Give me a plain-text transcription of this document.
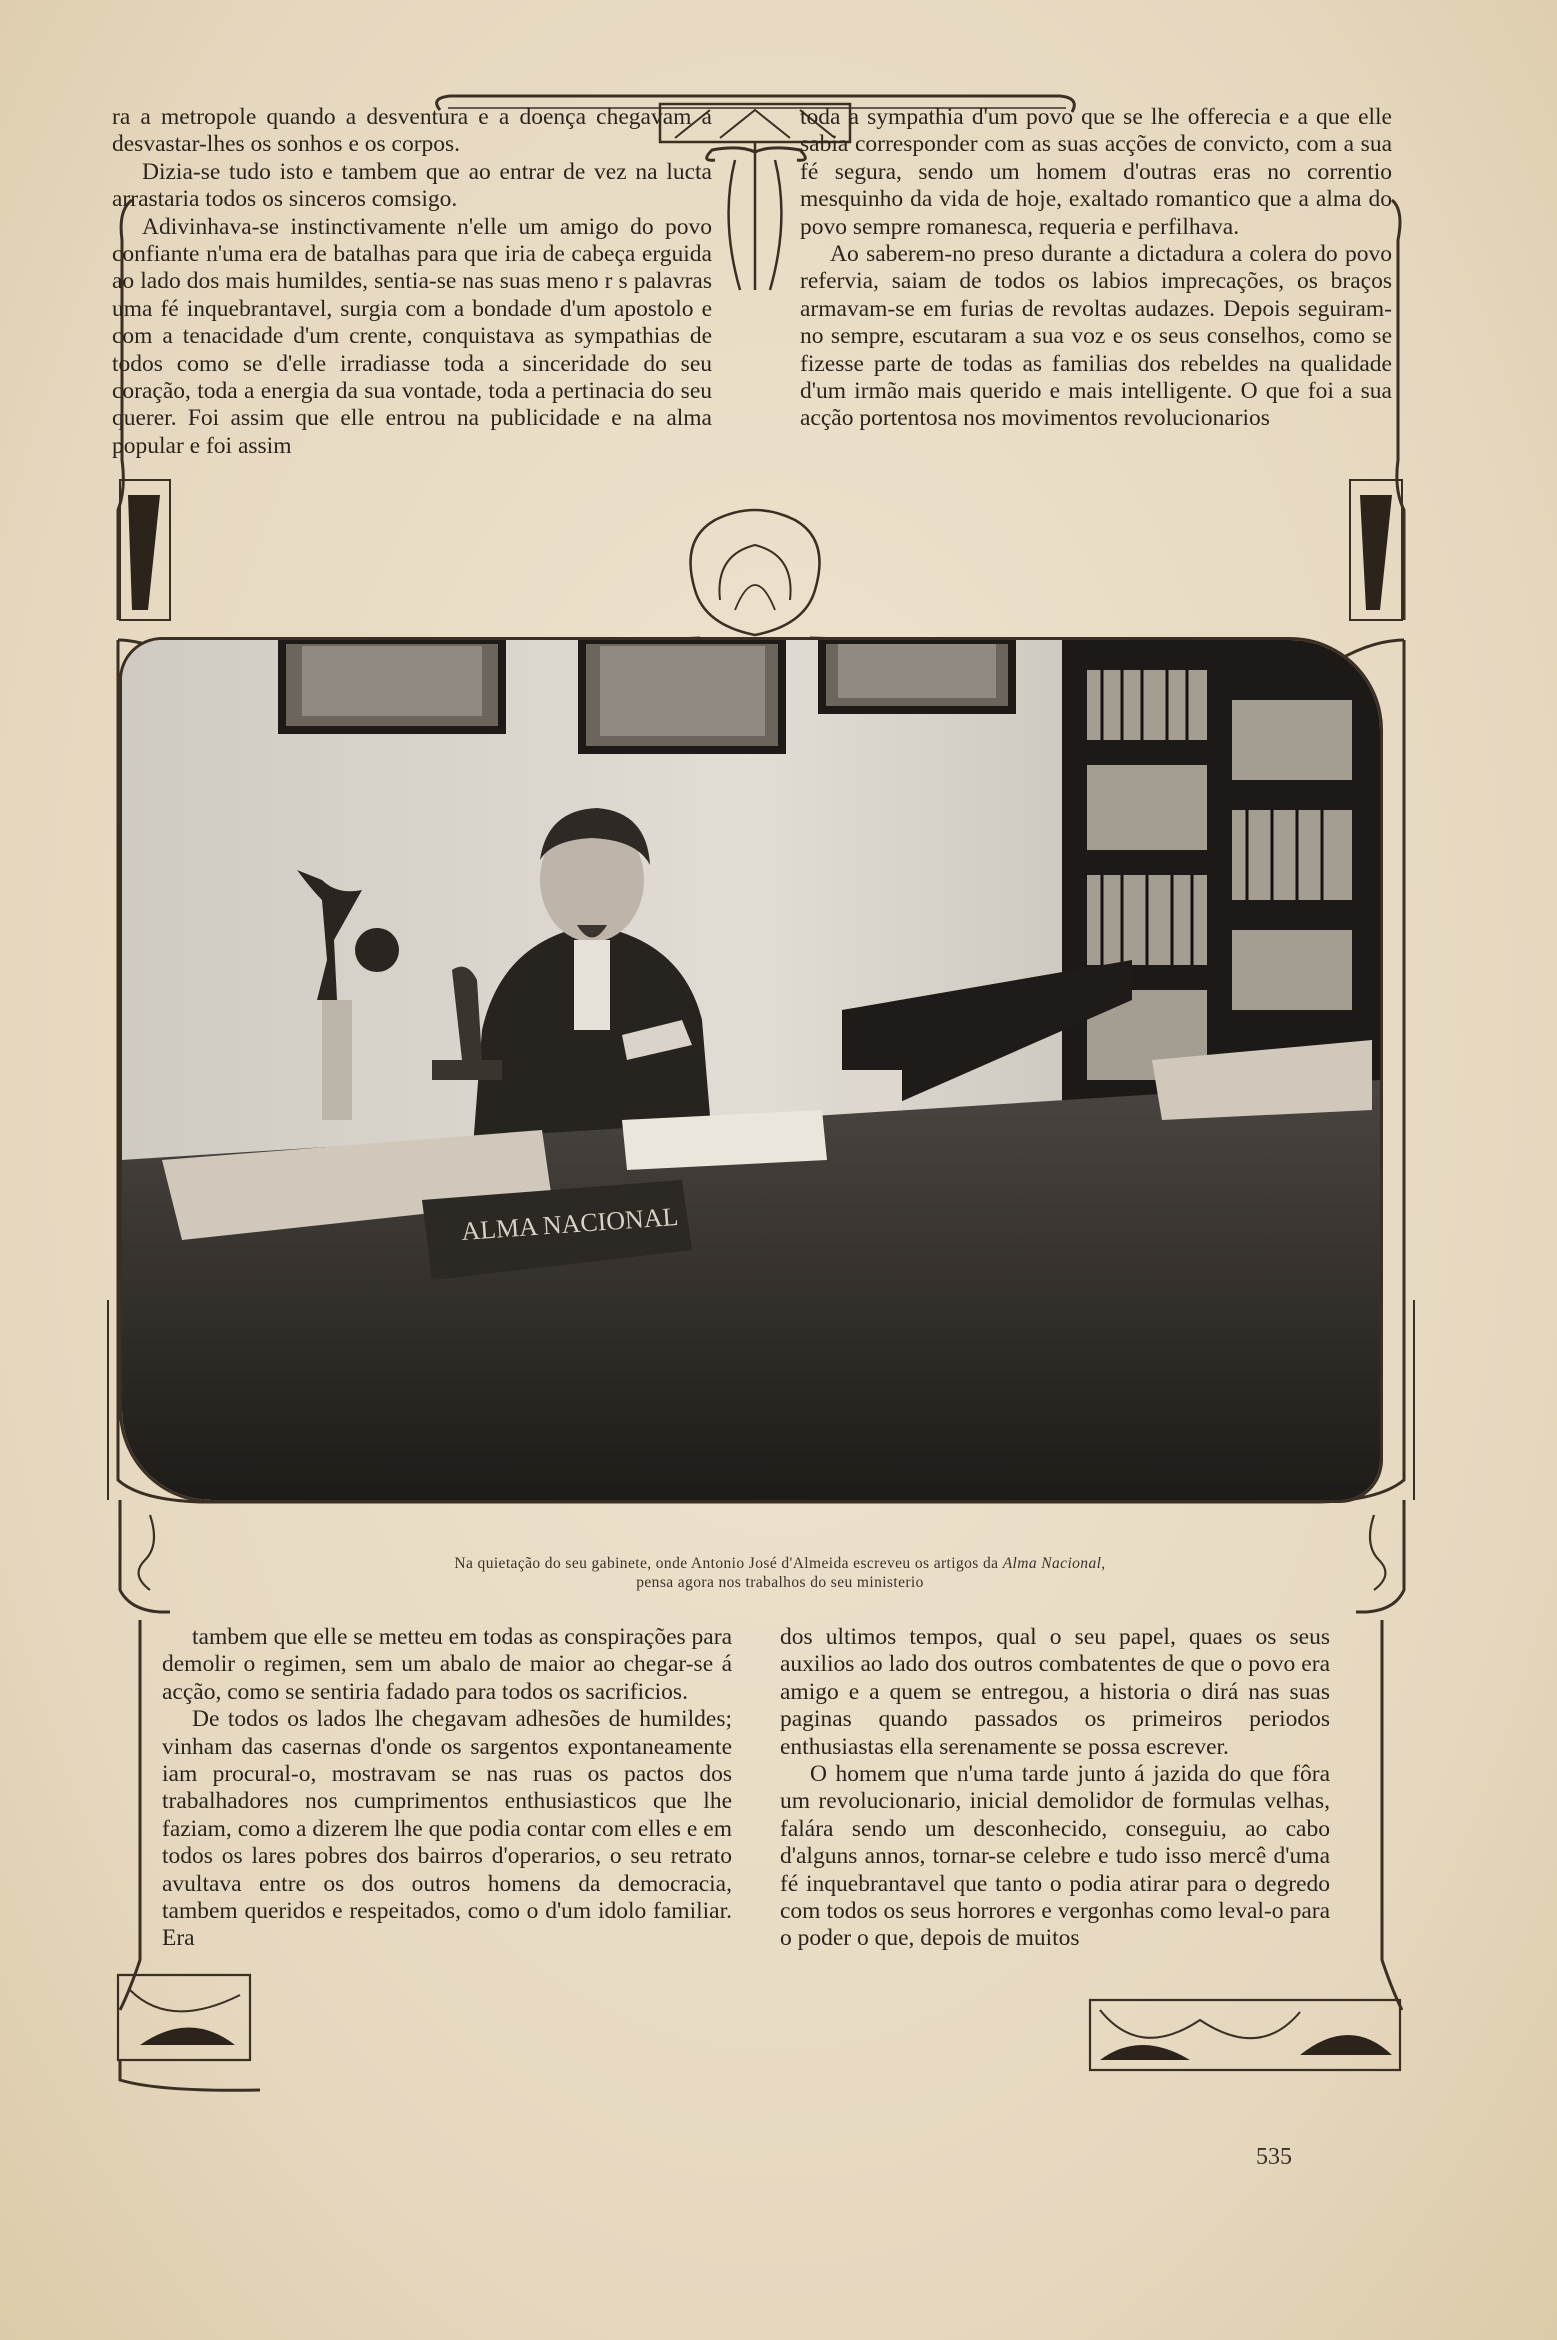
ra a metropole quando a desventura e a doença chegavam a desvastar-lhes os sonhos e os corpos.

Dizia-se tudo isto e tambem que ao entrar de vez na lucta arrastaria todos os sinceros comsigo.

Adivinhava-se instinctivamente n'elle um amigo do povo confiante n'uma era de batalhas para que iria de cabeça erguida ao lado dos mais humildes, sentia-se nas suas meno r s palavras uma fé inquebrantavel, surgia com a bondade d'um apostolo e com a tenacidade d'um crente, conquistava as sympathias de todos como se d'elle irradiasse toda a sinceridade do seu coração, toda a energia da sua vontade, toda a pertinacia do seu querer. Foi assim que elle entrou na publicidade e na alma popular e foi assim

toda a sympathia d'um povo que se lhe offerecia e a que elle sabia corresponder com as suas acções de convicto, com a sua fé segura, sendo um homem d'outras eras no correntio mesquinho da vida de hoje, exaltado romantico que a alma do povo sempre romanesca, requeria e perfilhava.

Ao saberem-no preso durante a dictadura a colera do povo refervia, saiam de todos os labios imprecações, os braços armavam-se em furias de revoltas audazes. Depois seguiram-no sempre, escutaram a sua voz e os seus conselhos, como se fizesse parte de todas as familias dos rebeldes na qualidade d'um irmão mais querido e mais intelligente. O que foi a sua acção portentosa nos movimentos revolucionarios

ALMA NACIONAL
Na quietação do seu gabinete, onde Antonio José d'Almeida escreveu os artigos da Alma Nacional,
pensa agora nos trabalhos do seu ministerio

tambem que elle se metteu em todas as conspirações para demolir o regimen, sem um abalo de maior ao chegar-se á acção, como se sentiria fadado para todos os sacrificios.

De todos os lados lhe chegavam adhesões de humildes; vinham das casernas d'onde os sargentos expontaneamente iam procural-o, mostravam se nas ruas os pactos dos trabalhadores nos cumprimentos enthusiasticos que lhe faziam, como a dizerem lhe que podia contar com elles e em todos os lares pobres dos bairros d'operarios, o seu retrato avultava entre os dos outros homens da democracia, tambem queridos e respeitados, como o d'um idolo familiar. Era

dos ultimos tempos, qual o seu papel, quaes os seus auxilios ao lado dos outros combatentes de que o povo era amigo e a quem se entregou, a historia o dirá nas suas paginas quando passados os primeiros periodos enthusiastas ella serenamente se possa escrever.

O homem que n'uma tarde junto á jazida do que fôra um revolucionario, inicial demolidor de formulas velhas, falára sendo um desconhecido, conseguiu, ao cabo d'alguns annos, tornar-se celebre e tudo isso mercê d'uma fé inquebrantavel que tanto o podia atirar para o degredo com todos os seus horrores e vergonhas como leval-o para o poder o que, depois de muitos

535
